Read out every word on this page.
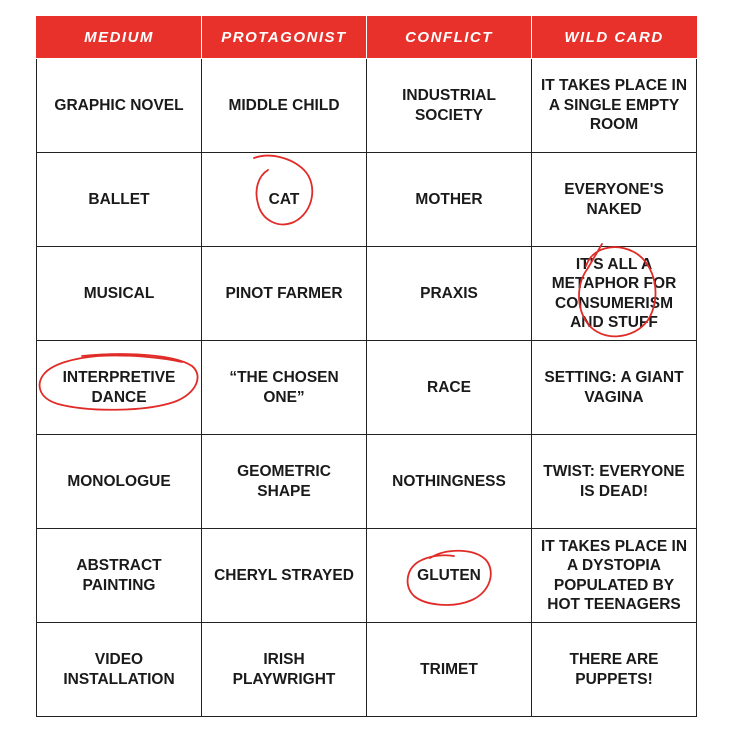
MEDIUM	PROTAGONIST	CONFLICT	WILD CARD
GRAPHIC NOVEL	MIDDLE CHILD	INDUSTRIAL SOCIETY	IT TAKES PLACE IN A SINGLE EMPTY ROOM
BALLET	CAT	MOTHER	EVERYONE'S NAKED
MUSICAL	PINOT FARMER	PRAXIS	IT'S ALL A METAPHOR FOR CONSUMERISM AND STUFF
INTERPRETIVE DANCE	“THE CHOSEN ONE”	RACE	SETTING: A GIANT VAGINA
MONOLOGUE	GEOMETRIC SHAPE	NOTHINGNESS	TWIST: EVERYONE IS DEAD!
ABSTRACT PAINTING	CHERYL STRAYED	GLUTEN	IT TAKES PLACE IN A DYSTOPIA POPULATED BY HOT TEENAGERS
VIDEO INSTALLATION	IRISH PLAYWRIGHT	TRIMET	THERE ARE PUPPETS!
